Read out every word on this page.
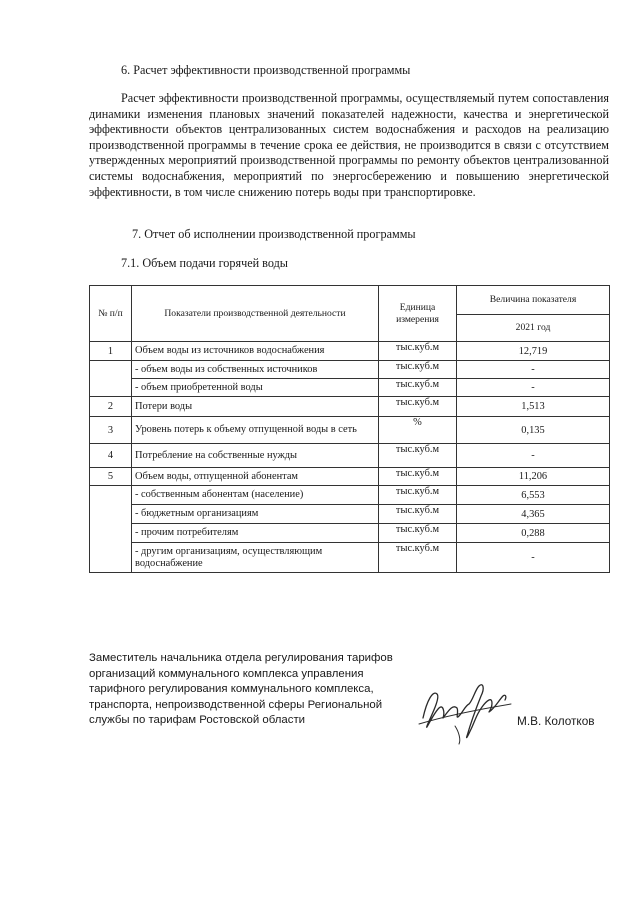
6. Расчет эффективности производственной программы

Расчет эффективности производственной программы, осуществляемый путем сопоставления динамики изменения плановых значений показателей надежности, качества и энергетической эффективности объектов централизованных систем водоснабжения и расходов на реализацию производственной программы в течение срока ее действия, не производится в связи с отсутствием утвержденных мероприятий производственной программы по ремонту объектов централизованной системы водоснабжения, мероприятий по энергосбережению и повышению энергетической эффективности, в том числе снижению потерь воды при транспортировке.

7. Отчет об исполнении производственной программы
7.1. Объем подачи горячей воды
№ п/п	Показатели производственной деятельности	Единица измерения	Величина показателя
			2021 год
1	Объем воды из источников водоснабжения	тыс.куб.м	12,719
	- объем воды из собственных источников	тыс.куб.м	-
	- объем приобретенной воды	тыс.куб.м	-
2	Потери воды	тыс.куб.м	1,513
3	Уровень потерь к объему отпущенной воды в сеть	%	0,135
4	Потребление на собственные нужды	тыс.куб.м	-
5	Объем воды, отпущенной абонентам	тыс.куб.м	11,206
	- собственным абонентам (население)	тыс.куб.м	6,553
	- бюджетным организациям	тыс.куб.м	4,365
	- прочим потребителям	тыс.куб.м	0,288
	- другим организациям, осуществляющим водоснабжение	тыс.куб.м	-

Заместитель начальника отдела регулирования тарифов организаций коммунального комплекса управления тарифного регулирования коммунального комплекса, транспорта, непроизводственной сферы Региональной службы по тарифам Ростовской области	М.В. Колотков
